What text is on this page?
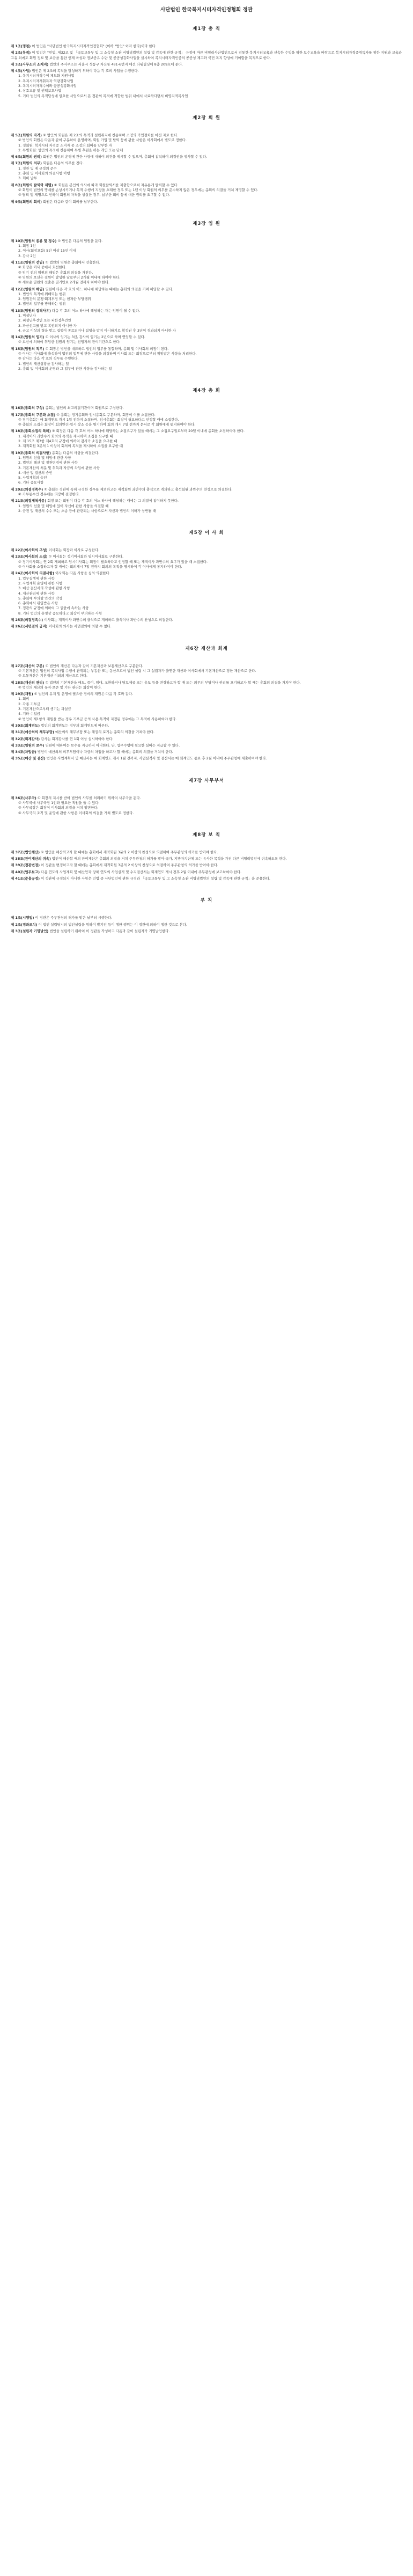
사단법인 한국복지시터자격인정협회 정관
제1장 총 칙

제 1조(명칭) 이 법인은 "사단법인 한국복지시터자격인정협회" (이하 "법인" 이라 한다)이라 한다.

제 2조(목적) 이 법인은 "민법, 제32조 및 「국토교통부 및 그 소속청 소관 비영리법인의 설립 및 감독에 관한 규칙」 규정에 따른 비영리사단법인으로서 전통한 복지시터교육과 신속한 수익을 위한 보수교육을 바탕으로 복지시터자격증취득자를 위한 지원과 교육과 고유 외에도 회원 정보 및 보급을 통한 인재 육성과 정보공유 수단 및 공공성강화사업을 실시하여 복지시터자격인증의 공공성 제고와 국민 복지 향상에 기여함을 목적으로 한다.

제 3조(사무소의 소재지) 법인의 주사무소는 서울시 성동구 자산동 481-6번지 에선 타워빌딩에 8층 209호에 둔다.

제 4조(사업) 법인은 제 2조의 목적을 달성하기 위하여 다음 각 호의 사업을 수행한다.

1. 복지시터자격수여 체도화 지원사업

2. 복지시터자격취득자 역량강화사업

3. 복지시터자격수여와 공공성강화사업

4. 상호교류 및 권익보호사업

5. 기타 법인의 목적달성에 필요한 사업으로서 본 정관의 목적에 적합한 범위 내에서 사료하다면서 비영리적목사업

제2장 회 원

제 5조(회원의 자격) ① 법인의 회원은 제 2조의 목적과 설립취지에 찬동하며 소정의 가입절차를 마친 자로 한다.

② 법인의 회원은 다음과 같이 구분하여 운영하며, 회원 가입 및 탈퇴 등에 관한 사항은 이사회에서 별도로 정한다.

1. 정회원: 복지시터 자격증 소지자 중 소정의 회비를 납부한 자

2. 특별회원: 법인의 목적에 찬동하여 특별 후원을 하는 개인 또는 단체

제 6조(회원의 권리) 회원은 법인의 운영에 관한 사항에 대하여 의견을 제시할 수 있으며, 총회에 참석하여 의결권을 행사할 수 있다.

제 7조(회원의 의무) 회원은 다음의 의무를 진다.

1. 정관 및 제 규정의 준수

2. 총회 및 이사회의 의결사항 이행

3. 회비 납부

제 8조(회원의 탈퇴와 제명) ① 회원은 본인의 의사에 따라 회원탈퇴서를 제출함으로써 자유롭게 탈퇴할 수 있다.

② 회원이 법인의 명예를 손상시키거나 목적 수행에 지장을 초래한 경우 또는 1년 이상 회원의 의무를 준수하지 않은 경우에는 총회의 의결을 거쳐 제명할 수 있다.

③ 탈퇴 및 제명으로 인하여 회원의 자격을 상실한 경우, 납부한 회비 등에 대한 권리를 요구할 수 없다.

제 9조(회원의 회비) 회원은 다음과 같이 회비를 납부한다.

제3장 임 원

제 10조(임원의 종류 및 정수) ① 법인은 다음의 임원을 둔다.

1. 회장 1인

2. 이사(회장포함) 5인 이상 15인 이내

3. 감사 2인

제 11조(임원의 선임) ① 법인의 임원은 총회에서 선출한다.

② 회장은 이사 중에서 호선한다.

③ 임기 전의 임원의 해임은 총회의 의결을 거친다.

④ 임원의 보선은 결원이 발생한 날로부터 2개월 이내에 하여야 한다.

⑤ 새로운 임원의 선출은 임기만료 2개월 전까지 하여야 한다.

제 12조(임원의 해임) 임원이 다음 각 호의 어느 하나에 해당하는 때에는 총회의 의결을 거쳐 해임할 수 있다.

1. 법인의 목적에 위배되는 행위

2. 임원간의 분쟁·회계부정 또는 현저한 부당행위

3. 법인의 업무를 방해하는 행위

제 13조(임원의 결격사유) 다음 각 호의 어느 하나에 해당하는 자는 임원이 될 수 없다.

1. 미성년자

2. 피성년후견인 또는 피한정후견인

3. 파산선고를 받고 복권되지 아니한 자

4. 금고 이상의 형을 받고 집행이 종료되거나 집행을 받지 아니하기로 확정된 후 3년이 경과되지 아니한 자

제 14조(임원의 임기) ① 이사의 임기는 3년, 감사의 임기는 2년으로 하며 연임할 수 있다.

② 보선에 의하여 취임한 임원의 임기는 전임자의 잔여기간으로 한다.

제 15조(임원의 직무) ① 회장은 법인을 대표하고 법인의 업무를 통할하며, 총회 및 이사회의 의장이 된다.

② 이사는 이사회에 출석하여 법인의 업무에 관한 사항을 의결하며 이사회 또는 회장으로부터 위임받은 사항을 처리한다.

③ 감사는 다음 각 호의 직무를 수행한다.

1. 법인의 재산상황을 감사하는 일

2. 총회 및 이사회의 운영과 그 업무에 관한 사항을 감사하는 일

제4장 총 회

제 16조(총회의 구성) 총회는 법인의 최고의결기관이며 회원으로 구성한다.

제 17조(총회의 구분과 소집) ① 총회는 정기총회와 임시총회로 구분하며, 회장이 이를 소집한다.

② 정기총회는 매 회계연도 개시 1월 전까지 소집하며, 임시총회는 회장이 필요하다고 인정할 때에 소집한다.

③ 총회의 소집은 회장이 회의안건·일시·장소 등을 명기하여 회의 개시 7일 전까지 문서로 각 회원에게 통지하여야 한다.

제 18조(총회소집의 특례) ① 회장은 다음 각 호의 어느 하나에 해당하는 소집요구가 있을 때에는 그 소집요구일로부터 20일 이내에 총회를 소집하여야 한다.

1. 재적이사 과반수가 회의의 목적을 제시하여 소집을 요구한 때

2. 제 15조 제3항 제4호의 규정에 의하여 감사가 소집을 요구한 때

3. 재적회원 3분의 1 이상이 회의의 목적을 제시하여 소집을 요구한 때

제 19조(총회의 의결사항) 총회는 다음의 사항을 의결한다.

1. 임원의 선출 및 해임에 관한 사항

2. 법인의 해산 및 정관변경에 관한 사항

3. 기본재산의 처분 및 취득과 자금의 차입에 관한 사항

4. 예산 및 결산의 승인

5. 사업계획의 승인

6. 기타 중요사항

제 20조(의결정족수) ① 총회는 정관에 특히 규정한 경우를 제외하고는 재적회원 과반수의 출석으로 개의하고 출석회원 과반수의 찬성으로 의결한다.

② 가부동수인 경우에는 의장이 결정한다.

제 21조(의결제척사유) 회장 또는 회원이 다음 각 호의 어느 하나에 해당하는 때에는 그 의결에 참여하지 못한다.

1. 임원의 선출 및 해임에 있어 자신에 관한 사항을 의결할 때

2. 금전 및 재산의 수수 또는 소송 등에 관련되는 사항으로서 자신과 법인의 이해가 상반될 때

제5장 이 사 회

제 22조(이사회의 구성) 이사회는 회장과 이사로 구성한다.

제 23조(이사회의 소집) ① 이사회는 정기이사회와 임시이사회로 구분한다.

② 정기이사회는 연 2회 개최하고 임시이사회는 회장이 필요하다고 인정할 때 또는 재적이사 과반수의 요구가 있을 때 소집한다.

③ 이사회를 소집하고자 할 때에는 회의개시 7일 전까지 회의의 목적을 명시하여 각 이사에게 통지하여야 한다.

제 24조(이사회의 의결사항) 이사회는 다음 사항을 심의·의결한다.

1. 업무집행에 관한 사항

2. 사업계획 운영에 관한 사항

3. 예산·결산서의 작성에 관한 사항

4. 재산관리에 관한 사항

5. 총회에 부의할 안건의 작성

6. 총회에서 위임받은 사항

7. 정관의 규정에 의하여 그 권한에 속하는 사항

8. 기타 법인의 운영상 중요하다고 회장이 부의하는 사항

제 25조(의결정족수) 이사회는 재적이사 과반수의 출석으로 개의하고 출석이사 과반수의 찬성으로 의결한다.

제 26조(서면결의 금지) 이사회의 의사는 서면결의에 의할 수 없다.

제6장 재산과 회계

제 27조(재산의 구분) ① 법인의 재산은 다음과 같이 기본재산과 보통재산으로 구분한다.

② 기본재산은 법인의 목적사업 수행에 관계되는 부동산 또는 동산으로서 법인 설립 시 그 설립자가 출연한 재산과 이사회에서 기본재산으로 정한 재산으로 한다.

③ 보통재산은 기본재산 이외의 재산으로 한다.

제 28조(재산의 관리) ① 법인의 기본재산을 매도, 증여, 임대, 교환하거나 담보제공 또는 용도 등을 변경하고자 할 때 또는 의무의 부담이나 권리를 포기하고자 할 때는 총회의 의결을 거쳐야 한다.

② 법인의 재산의 유지·보존 및 기타 관리는 회장이 한다.

제 29조(재원) ① 법인의 유지 및 운영에 필요한 경비의 재원은 다음 각 호와 같다.

1. 회비

2. 각종 기부금

3. 기본재산으로부터 생기는 과실금

4. 기타 수입금

② 법인이 제1항의 재원을 받는 경우 기부금 등의 사용 목적이 지정된 경우에는 그 목적에 사용하여야 한다.

제 30조(회계연도) 법인의 회계연도는 정부의 회계연도에 따른다.

제 31조(예산외의 채무부담) 예산외의 채무부담 또는 채권의 포기는 총회의 의결을 거쳐야 한다.

제 32조(회계감사) 감사는 회계감사를 연 1회 이상 실시하여야 한다.

제 33조(임원의 보수) 임원에 대하여는 보수를 지급하지 아니한다. 단, 업무수행에 필요한 실비는 지급할 수 있다.

제 34조(차입금) 법인이 예산외의 의무부담이나 자금의 차입을 하고자 할 때에는 총회의 의결을 거쳐야 한다.

제 35조(예산 및 결산) 법인은 사업계획서 및 예산서는 매 회계연도 개시 1월 전까지, 사업실적서 및 결산서는 매 회계연도 종료 후 2월 이내에 주무관청에 제출하여야 한다.

제7장 사무부서

제 36조(사무국) ① 회장의 지시를 받아 법인의 사무를 처리하기 위하여 사무국을 둔다.

② 사무국에 사무국장 1인과 필요한 직원을 둘 수 있다.

③ 사무국장은 회장이 이사회의 의결을 거쳐 임면한다.

④ 사무국의 조직 및 운영에 관한 사항은 이사회의 의결을 거쳐 별도로 정한다.

제8장 보 칙

제 37조(법인해산) ① 법인을 해산하고자 할 때에는 총회에서 재적회원 3분의 2 이상의 찬성으로 의결하여 주무관청의 허가를 받아야 한다.

제 38조(잔여재산의 귀속) 법인이 해산할 때의 잔여재산은 총회의 의결을 거쳐 주무관청의 허가를 받아 국가, 지방자치단체 또는 유사한 목적을 가진 다른 비영리법인에 귀속하도록 한다.

제 39조(정관변경) 이 정관을 변경하고자 할 때에는 총회에서 재적회원 3분의 2 이상의 찬성으로 의결하여 주무관청의 허가를 받아야 한다.

제 40조(업무보고) 다음 연도의 사업계획 및 예산안과 당해 연도의 사업실적 및 수지결산서는 회계연도 개시 전후 2월 이내에 주무관청에 보고하여야 한다.

제 41조(준용규정) 이 정관에 규정되지 아니한 사항은 민법 중 사단법인에 관한 규정과 「국토교통부 및 그 소속청 소관 비영리법인의 설립 및 감독에 관한 규칙」을 준용한다.

부 칙

제 1조(시행일) 이 정관은 주무관청의 허가를 받은 날부터 시행한다.

제 2조(경과조치) 이 법인 설립당시의 법인설립을 위하여 발기인 등이 행한 행위는 이 정관에 의하여 행한 것으로 본다.

제 3조(설립자 기명날인) 법인을 설립하기 위하여 이 정관을 작성하고 다음과 같이 설립자가 기명날인한다.
